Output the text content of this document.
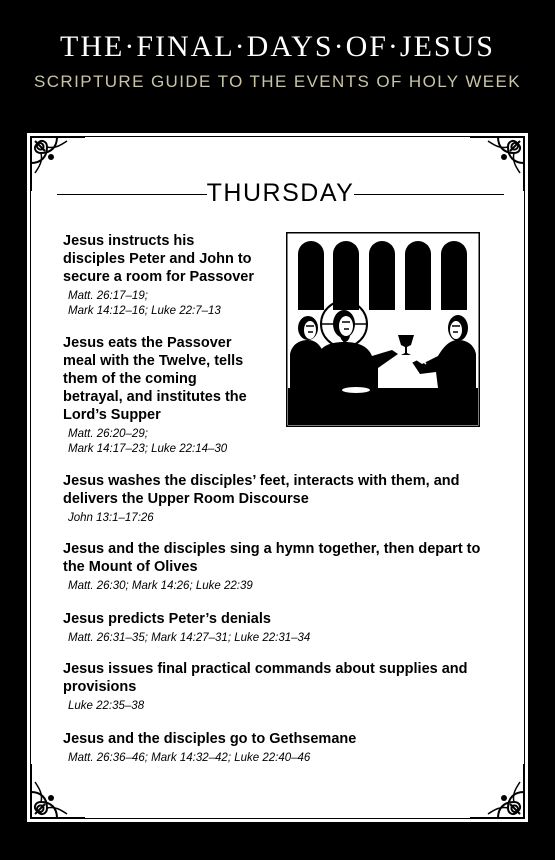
THE·FINAL·DAYS·OF·JESUS
SCRIPTURE GUIDE TO THE EVENTS OF HOLY WEEK
THURSDAY
Jesus instructs his disciples Peter and John to secure a room for Passover
Matt. 26:17–19;
Mark 14:12–16; Luke 22:7–13
Jesus eats the Passover meal with the Twelve, tells them of the coming betrayal, and institutes the Lord’s Supper
Matt. 26:20–29;
Mark 14:17–23; Luke 22:14–30
Jesus washes the disciples’ feet, interacts with them, and delivers the Upper Room Discourse
John 13:1–17:26
Jesus and the disciples sing a hymn together, then depart to the Mount of Olives
Matt. 26:30; Mark 14:26; Luke 22:39
Jesus predicts Peter’s denials
Matt. 26:31–35; Mark 14:27–31; Luke 22:31–34
Jesus issues final practical commands about supplies and provisions
Luke 22:35–38
Jesus and the disciples go to Gethsemane
Matt. 26:36–46; Mark 14:32–42; Luke 22:40–46
